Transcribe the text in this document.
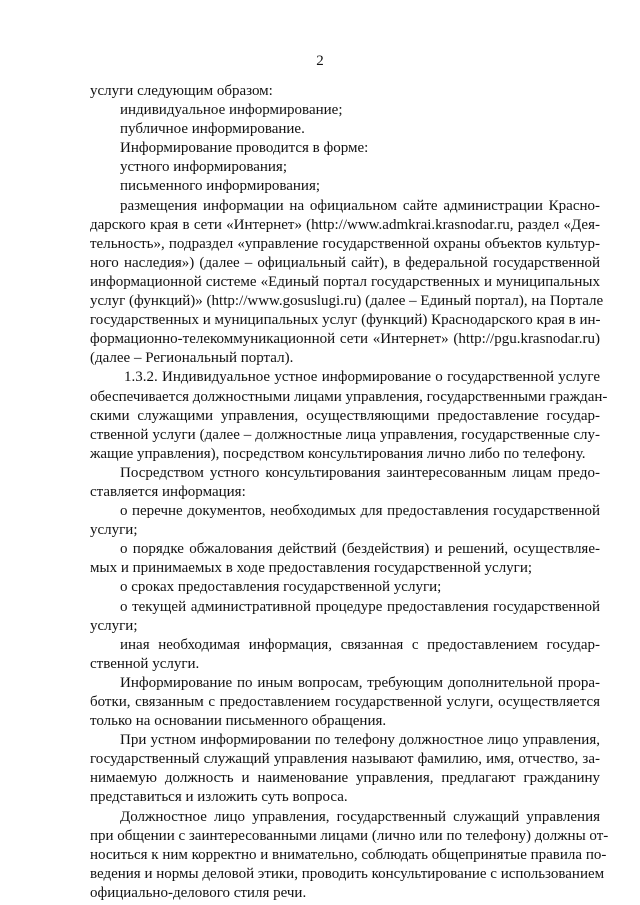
2
услуги следующим образом:
индивидуальное информирование;
публичное информирование.
Информирование проводится в форме:
устного информирования;
письменного информирования;
размещения информации на официальном сайте администрации Красно-
дарского края в сети «Интернет» (http://www.admkrai.krasnodar.ru, раздел «Дея-
тельность», подраздел «управление государственной охраны объектов культур-
ного наследия») (далее – официальный сайт), в федеральной государственной
информационной системе «Единый портал государственных и муниципальных
услуг (функций)» (http://www.gosuslugi.ru) (далее – Единый портал), на Портале
государственных и муниципальных услуг (функций) Краснодарского края в ин-
формационно-телекоммуникационной сети «Интернет» (http://pgu.krasnodar.ru)
(далее – Региональный портал).
1.3.2. Индивидуальное устное информирование о государственной услуге
обеспечивается должностными лицами управления, государственными граждан-
скими служащими управления, осуществляющими предоставление государ-
ственной услуги (далее – должностные лица управления, государственные слу-
жащие управления), посредством консультирования лично либо по телефону.
Посредством устного консультирования заинтересованным лицам предо-
ставляется информация:
о перечне документов, необходимых для предоставления государственной
услуги;
о порядке обжалования действий (бездействия) и решений, осуществляе-
мых и принимаемых в ходе предоставления государственной услуги;
о сроках предоставления государственной услуги;
о текущей административной процедуре предоставления государственной
услуги;
иная необходимая информация, связанная с предоставлением государ-
ственной услуги.
Информирование по иным вопросам, требующим дополнительной прора-
ботки, связанным с предоставлением государственной услуги, осуществляется
только на основании письменного обращения.
При устном информировании по телефону должностное лицо управления,
государственный служащий управления называют фамилию, имя, отчество, за-
нимаемую должность и наименование управления, предлагают гражданину
представиться и изложить суть вопроса.
Должностное лицо управления, государственный служащий управления
при общении с заинтересованными лицами (лично или по телефону) должны от-
носиться к ним корректно и внимательно, соблюдать общепринятые правила по-
ведения и нормы деловой этики, проводить консультирование с использованием
официально-делового стиля речи.
